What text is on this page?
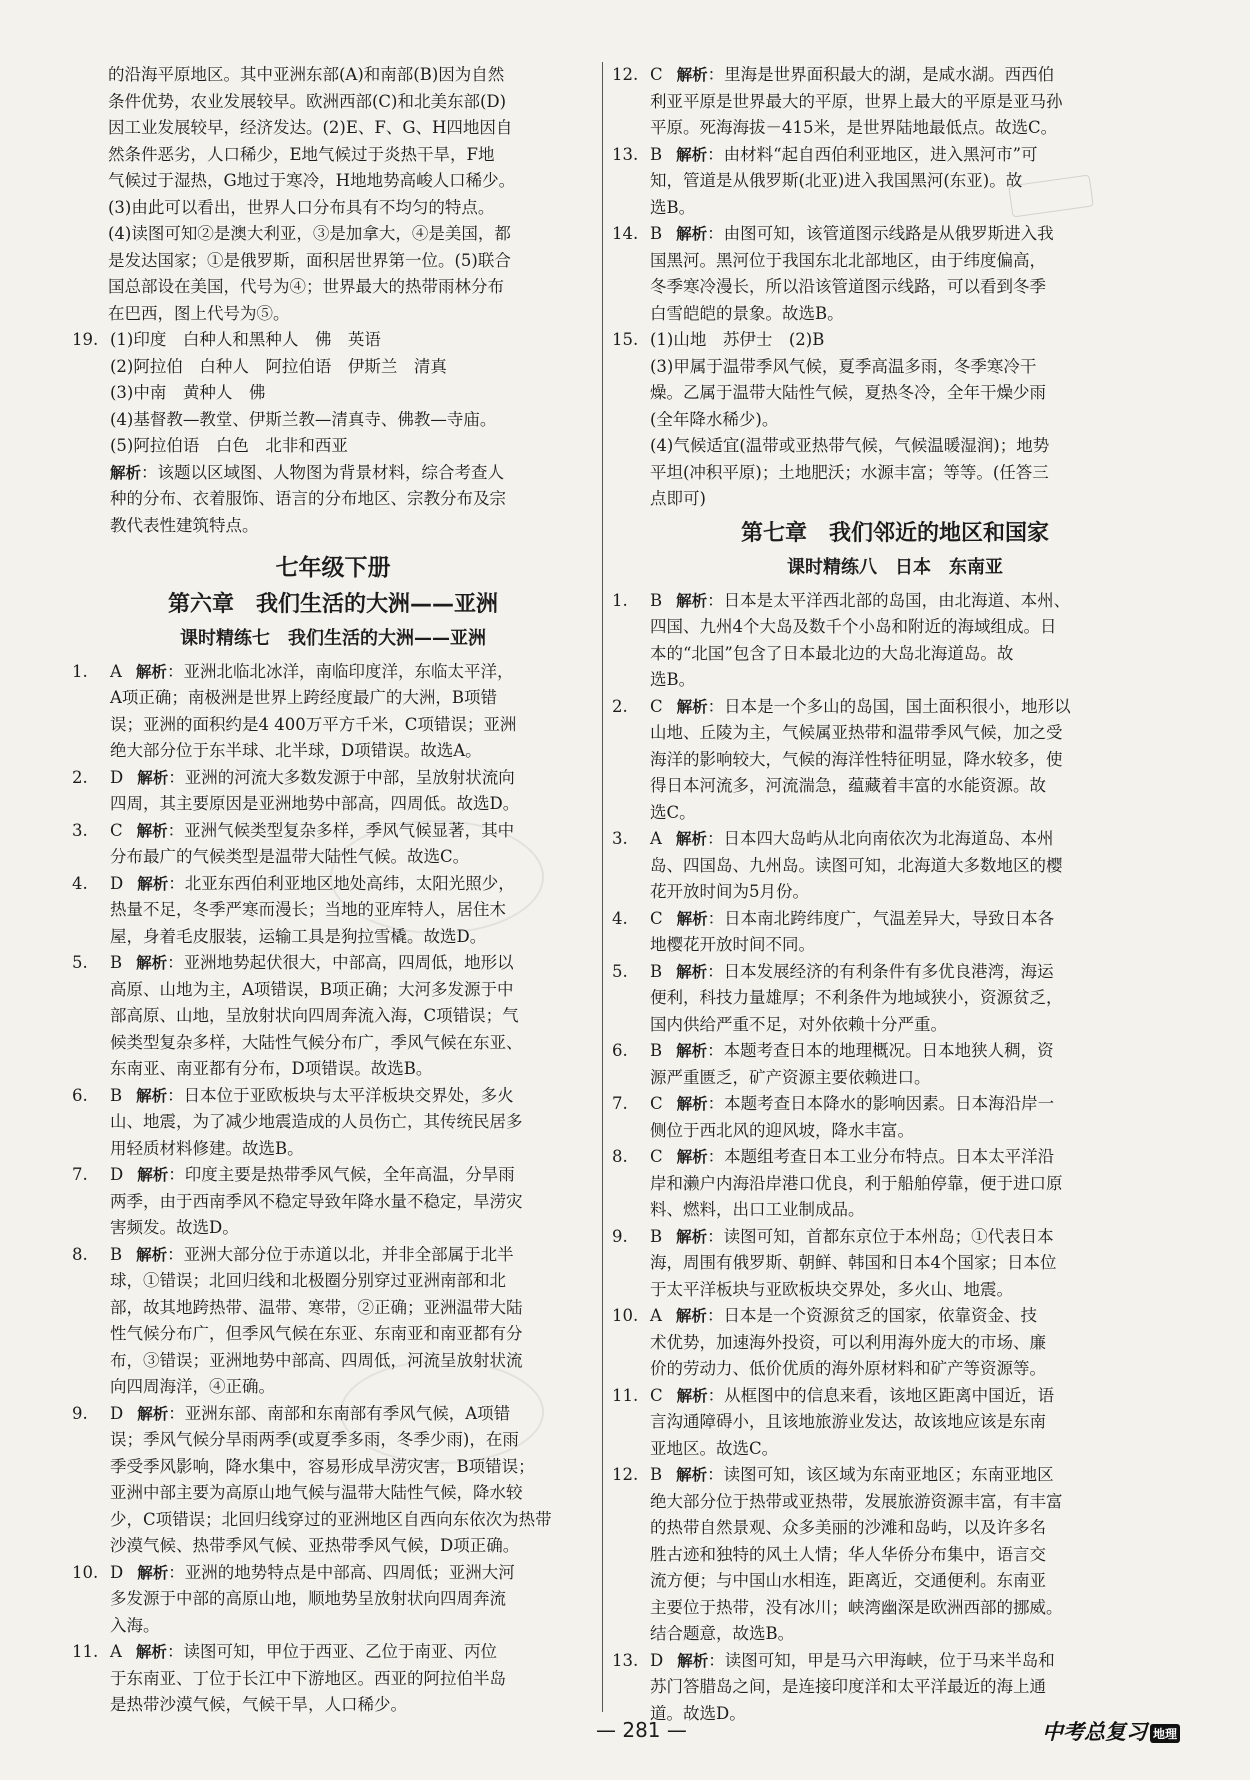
的沿海平原地区。其中亚洲东部(A)和南部(B)因为自然
条件优势，农业发展较早。欧洲西部(C)和北美东部(D)
因工业发展较早，经济发达。(2)E、F、G、H四地因自
然条件恶劣，人口稀少，E地气候过于炎热干旱，F地
气候过于湿热，G地过于寒冷，H地地势高峻人口稀少。
(3)由此可以看出，世界人口分布具有不均匀的特点。
(4)读图可知②是澳大利亚，③是加拿大，④是美国，都
是发达国家；①是俄罗斯，面积居世界第一位。(5)联合
国总部设在美国，代号为④；世界最大的热带雨林分布
在巴西，图上代号为⑤。
19. (1)印度　白种人和黑种人　佛　英语
(2)阿拉伯　白种人　阿拉伯语　伊斯兰　清真
(3)中南　黄种人　佛
(4)基督教—教堂、伊斯兰教—清真寺、佛教—寺庙。
(5)阿拉伯语　白色　北非和西亚
解析：该题以区域图、人物图为背景材料，综合考查人
种的分布、衣着服饰、语言的分布地区、宗教分布及宗
教代表性建筑特点。
七年级下册
第六章　我们生活的大洲——亚洲
课时精练七　我们生活的大洲——亚洲
1. A 解析：亚洲北临北冰洋，南临印度洋，东临太平洋，
A项正确；南极洲是世界上跨经度最广的大洲，B项错
误；亚洲的面积约是4 400万平方千米，C项错误；亚洲
绝大部分位于东半球、北半球，D项错误。故选A。
2. D 解析：亚洲的河流大多数发源于中部，呈放射状流向
四周，其主要原因是亚洲地势中部高，四周低。故选D。
3. C 解析：亚洲气候类型复杂多样，季风气候显著，其中
分布最广的气候类型是温带大陆性气候。故选C。
4. D 解析：北亚东西伯利亚地区地处高纬，太阳光照少，
热量不足，冬季严寒而漫长；当地的亚库特人，居住木
屋，身着毛皮服装，运输工具是狗拉雪橇。故选D。
5. B 解析：亚洲地势起伏很大，中部高，四周低，地形以
高原、山地为主，A项错误，B项正确；大河多发源于中
部高原、山地，呈放射状向四周奔流入海，C项错误；气
候类型复杂多样，大陆性气候分布广，季风气候在东亚、
东南亚、南亚都有分布，D项错误。故选B。
6. B 解析：日本位于亚欧板块与太平洋板块交界处，多火
山、地震，为了减少地震造成的人员伤亡，其传统民居多
用轻质材料修建。故选B。
7. D 解析：印度主要是热带季风气候，全年高温，分旱雨
两季，由于西南季风不稳定导致年降水量不稳定，旱涝灾
害频发。故选D。
8. B 解析：亚洲大部分位于赤道以北，并非全部属于北半
球，①错误；北回归线和北极圈分别穿过亚洲南部和北
部，故其地跨热带、温带、寒带，②正确；亚洲温带大陆
性气候分布广，但季风气候在东亚、东南亚和南亚都有分
布，③错误；亚洲地势中部高、四周低，河流呈放射状流
向四周海洋，④正确。
9. D 解析：亚洲东部、南部和东南部有季风气候，A项错
误；季风气候分旱雨两季(或夏季多雨，冬季少雨)，在雨
季受季风影响，降水集中，容易形成旱涝灾害，B项错误；
亚洲中部主要为高原山地气候与温带大陆性气候，降水较
少，C项错误；北回归线穿过的亚洲地区自西向东依次为热带
沙漠气候、热带季风气候、亚热带季风气候，D项正确。
10. D 解析：亚洲的地势特点是中部高、四周低；亚洲大河
多发源于中部的高原山地，顺地势呈放射状向四周奔流
入海。
11. A 解析：读图可知，甲位于西亚、乙位于南亚、丙位
于东南亚、丁位于长江中下游地区。西亚的阿拉伯半岛
是热带沙漠气候，气候干旱，人口稀少。
12. C 解析：里海是世界面积最大的湖，是咸水湖。西西伯
利亚平原是世界最大的平原，世界上最大的平原是亚马孙
平原。死海海拔－415米，是世界陆地最低点。故选C。
13. B 解析：由材料“起自西伯利亚地区，进入黑河市”可
知，管道是从俄罗斯(北亚)进入我国黑河(东亚)。故
选B。
14. B 解析：由图可知，该管道图示线路是从俄罗斯进入我
国黑河。黑河位于我国东北北部地区，由于纬度偏高，
冬季寒冷漫长，所以沿该管道图示线路，可以看到冬季
白雪皑皑的景象。故选B。
15. (1)山地　苏伊士　(2)B
(3)甲属于温带季风气候，夏季高温多雨，冬季寒冷干
燥。乙属于温带大陆性气候，夏热冬冷，全年干燥少雨
(全年降水稀少)。
(4)气候适宜(温带或亚热带气候，气候温暖湿润)；地势
平坦(冲积平原)；土地肥沃；水源丰富；等等。(任答三
点即可)
第七章　我们邻近的地区和国家
课时精练八　日本　东南亚
1. B 解析：日本是太平洋西北部的岛国，由北海道、本州、
四国、九州4个大岛及数千个小岛和附近的海域组成。日
本的“北国”包含了日本最北边的大岛北海道岛。故
选B。
2. C 解析：日本是一个多山的岛国，国土面积很小，地形以
山地、丘陵为主，气候属亚热带和温带季风气候，加之受
海洋的影响较大，气候的海洋性特征明显，降水较多，使
得日本河流多，河流湍急，蕴藏着丰富的水能资源。故
选C。
3. A 解析：日本四大岛屿从北向南依次为北海道岛、本州
岛、四国岛、九州岛。读图可知，北海道大多数地区的樱
花开放时间为5月份。
4. C 解析：日本南北跨纬度广，气温差异大，导致日本各
地樱花开放时间不同。
5. B 解析：日本发展经济的有利条件有多优良港湾，海运
便利，科技力量雄厚；不利条件为地域狭小，资源贫乏，
国内供给严重不足，对外依赖十分严重。
6. B 解析：本题考查日本的地理概况。日本地狭人稠，资
源严重匮乏，矿产资源主要依赖进口。
7. C 解析：本题考查日本降水的影响因素。日本海沿岸一
侧位于西北风的迎风坡，降水丰富。
8. C 解析：本题组考查日本工业分布特点。日本太平洋沿
岸和濑户内海沿岸港口优良，利于船舶停靠，便于进口原
料、燃料，出口工业制成品。
9. B 解析：读图可知，首都东京位于本州岛；①代表日本
海，周围有俄罗斯、朝鲜、韩国和日本4个国家；日本位
于太平洋板块与亚欧板块交界处，多火山、地震。
10. A 解析：日本是一个资源贫乏的国家，依靠资金、技
术优势，加速海外投资，可以利用海外庞大的市场、廉
价的劳动力、低价优质的海外原材料和矿产等资源等。
11. C 解析：从框图中的信息来看，该地区距离中国近，语
言沟通障碍小，且该地旅游业发达，故该地应该是东南
亚地区。故选C。
12. B 解析：读图可知，该区域为东南亚地区；东南亚地区
绝大部分位于热带或亚热带，发展旅游资源丰富，有丰富
的热带自然景观、众多美丽的沙滩和岛屿，以及许多名
胜古迹和独特的风土人情；华人华侨分布集中，语言交
流方便；与中国山水相连，距离近，交通便利。东南亚
主要位于热带，没有冰川；峡湾幽深是欧洲西部的挪威。
结合题意，故选B。
13. D 解析：读图可知，甲是马六甲海峡，位于马来半岛和
苏门答腊岛之间，是连接印度洋和太平洋最近的海上通
道。故选D。
— 281 —	中考总复习 地理
